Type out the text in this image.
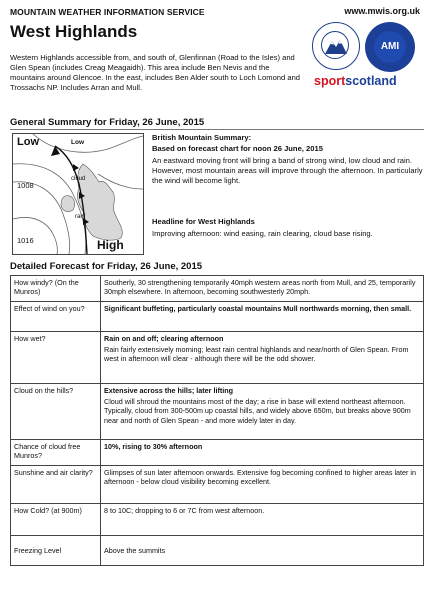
MOUNTAIN WEATHER INFORMATION SERVICE	www.mwis.org.uk
West Highlands
Western Highlands accessible from, and south of, Glenfinnan (Road to the Isles) and Glen Spean (includes Creag Meagaidh). This area include Ben Nevis and the mountains around Glencoe. In the east, includes Ben Alder south to Loch Lomond and Trossachs NP. Includes Arran and Mull.
AMI
sportscotland
General Summary for Friday, 26 June, 2015
Low	Low
1008
cloud
rain
1016	High
British Mountain Summary:
Based on forecast chart for noon 26 June, 2015
An eastward moving front will bring a band of strong wind, low cloud and rain. However, most mountain areas will improve through the afternoon. In particularly the wind will become light.
Headline for West Highlands
Improving afternoon: wind easing, rain clearing, cloud base rising.
Detailed Forecast for Friday, 26 June, 2015
How windy? (On the Munros)	Southerly, 30 strengthening temporarily 40mph western areas north from Mull, and 25, temporarily 30mph elsewhere. In afternoon, becoming southwesterly 20mph.

Effect of wind on you?	Significant buffeting, particularly coastal mountains Mull northwards morning, then small.

How wet?	Rain on and off; clearing afternoon
Rain fairly extensively morning; least rain central highlands and near/north of Glen Spean. From west in afternoon will clear - although there will be the odd shower.

Cloud on the hills?	Extensive across the hills; later lifting
Cloud will shroud the mountains most of the day; a rise in base will extend northeast afternoon. Typically, cloud from 300-500m up coastal hills, and widely above 650m, but breaks above 900m near and north of Glen Spean - and more widely later in day.

Chance of cloud free Munros?	10%, rising to 30% afternoon

Sunshine and air clarity?	Glimpses of sun later afternoon onwards. Extensive fog becoming confined to higher areas later in afternoon - below cloud visibility becoming excellent.

How Cold? (at 900m)	8 to 10C; dropping to 6 or 7C from west afternoon.

Freezing Level	Above the summits
